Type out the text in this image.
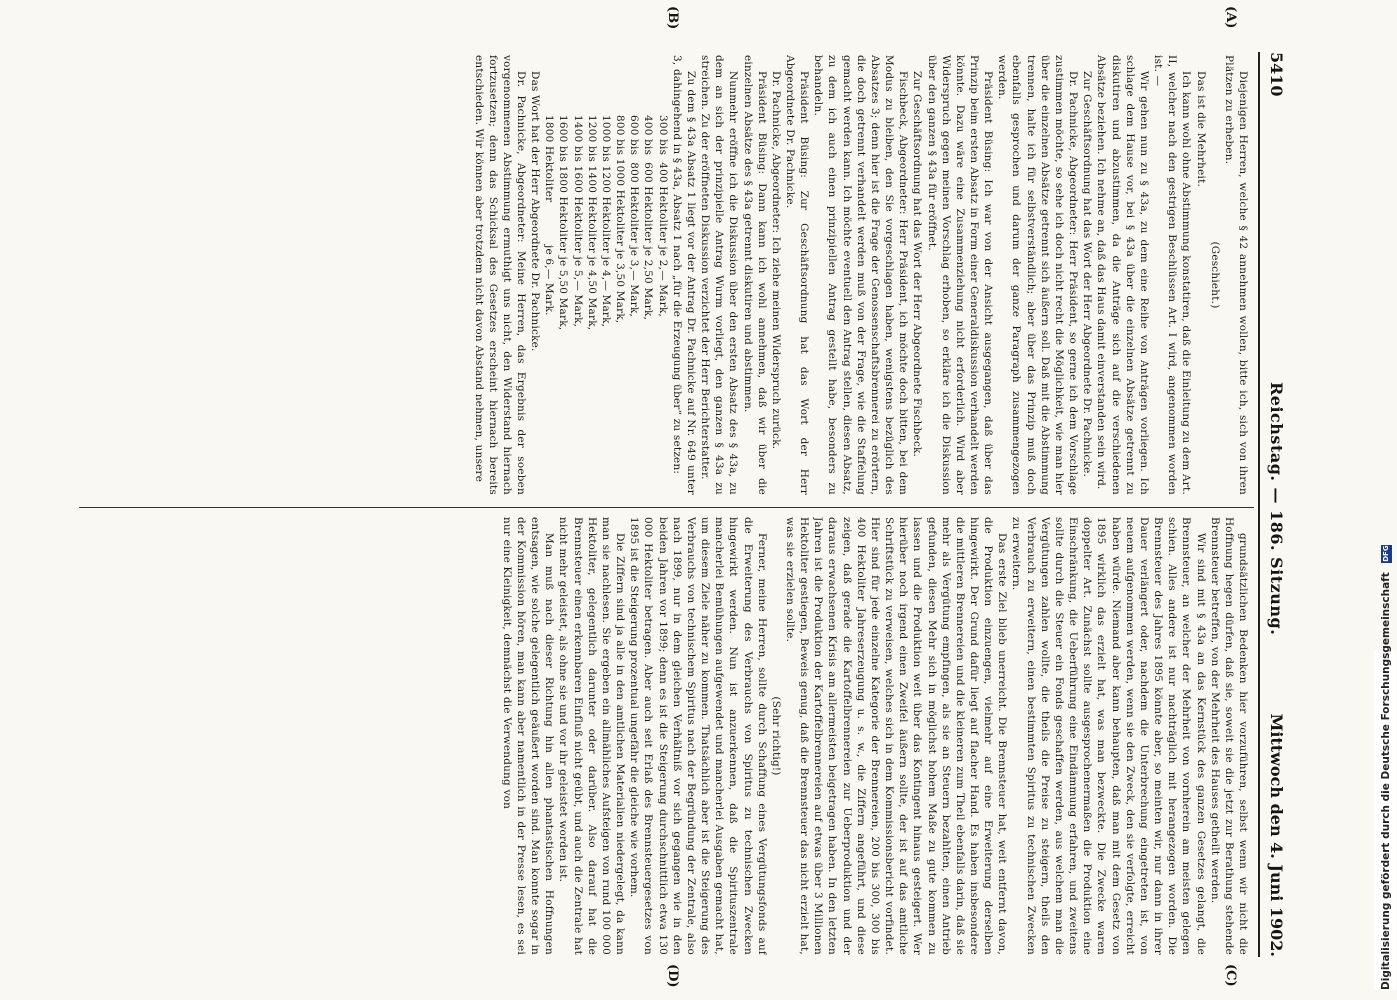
5410
Reichstag. — 186. Sitzung.
Mittwoch den 4. Juni 1902.
(A)
(B)
(C)
(D)

Diejenigen Herren, welche § 42 annehmen wollen, bitte ich, sich von ihren Plätzen zu erheben.

(Geschieht.)

Das ist die Mehrheit.

Ich kann wohl ohne Abstimmung konstatiren, daß die Einleitung zu dem Art. II, welcher nach den gestrigen Beschlüssen Art. I wird, angenommen worden ist. —

Wir gehen nun zu § 43a, zu dem eine Reihe von Anträgen vorliegen. Ich schlage dem Hause vor, bei § 43a über die einzelnen Absätze getrennt zu diskutiren und abzustimmen, da die Anträge sich auf die verschiedenen Absätze beziehen. Ich nehme an, daß das Haus damit einverstanden sein wird.

Zur Geschäftsordnung hat das Wort der Herr Abgeordnete Dr. Pachnicke.

Dr. Pachnicke, Abgeordneter: Herr Präsident, so gerne ich dem Vorschlage zustimmen möchte, so sehe ich doch nicht recht die Möglichkeit, wie man hier über die einzelnen Absätze getrennt sich äußern soll. Daß mit die Abstimmung trennen, halte ich für selbstverständlich; aber über das Prinzip muß doch ebenfalls gesprochen und darum der ganze Paragraph zusammengezogen werden.

Präsident Büsing: Ich war von der Ansicht ausgegangen, daß über das Prinzip beim ersten Absatz in Form einer Generaldiskussion verhandelt werden könnte. Dazu wäre eine Zusammenziehung nicht erforderlich. Wird aber Widerspruch gegen meinen Vorschlag erhoben, so erkläre ich die Diskussion über den ganzen § 43a für eröffnet.

Zur Geschäftsordnung hat das Wort der Herr Abgeordnete Fischbeck.

Fischbeck, Abgeordneter: Herr Präsident, ich möchte doch bitten, bei dem Modus zu bleiben, den Sie vorgeschlagen haben, wenigstens bezüglich des Absatzes 3; denn hier ist die Frage der Genossenschaftsbrennerei zu erörtern, die doch getrennt verhandelt werden muß von der Frage, wie die Staffelung gemacht werden kann. Ich möchte eventuell den Antrag stellen, diesen Absatz, zu dem ich auch einen prinzipiellen Antrag gestellt habe, besonders zu behandeln.

Präsident Büsing: Zur Geschäftsordnung hat das Wort der Herr Abgeordnete Dr. Pachnicke.

Dr. Pachnicke, Abgeordneter: Ich ziehe meinen Widerspruch zurück.

Präsident Büsing: Dann kann ich wohl annehmen, daß wir über die einzelnen Absätze des § 43a getrennt diskutiren und abstimmen.

Nunmehr eröffne ich die Diskussion über den ersten Absatz des § 43a, zu dem an sich der prinzipielle Antrag Wurm vorliegt, den ganzen § 43a zu streichen. Zu der eröffneten Diskussion verzichtet der Herr Berichterstatter.

Zu dem § 43a Absatz 1 liegt vor der Antrag Dr. Pachnicke auf Nr. 649 unter 3, dahingehend in § 43a, Absatz 1 nach „für die Erzeugung über“ zu setzen:

300 bis  400 Hektoliter je 2,— Mark,
400 bis  600 Hektoliter je 2,50 Mark,
600 bis  800 Hektoliter je 3,— Mark,
800 bis 1000 Hektoliter je 3,50 Mark,
1000 bis 1200 Hektoliter je 4,— Mark,
1200 bis 1400 Hektoliter je 4,50 Mark,
1400 bis 1600 Hektoliter je 5,— Mark,
1600 bis 1800 Hektoliter je 5,50 Mark,
1800 Hektoliter            je 6,— Mark.

Das Wort hat der Herr Abgeordnete Dr. Pachnicke.

Dr. Pachnicke, Abgeordneter: Meine Herren, das Ergebnis der soeben vorgenommenen Abstimmung ermuthigt uns nicht, den Widerstand hiernach fortzusetzen; denn das Schicksal des Gesetzes erscheint hiernach bereits entschieden. Wir können aber trotzdem nicht davon Abstand nehmen, unsere

grundsätzlichen Bedenken hier vorzuführen, selbst wenn wir nicht die Hoffnung hegen dürfen, daß sie, soweit sie die jetzt zur Berathung stehende Brennsteuer betreffen, von der Mehrheit des Hauses getheilt werden.

Wir sind mit § 43a an das Kernstück des ganzen Gesetzes gelangt, die Brennsteuer, an welcher der Mehrheit von vornherein am meisten gelegen schien. Alles andere ist nur nachträglich mit herangezogen worden. Die Brennsteuer des Jahres 1895 könnte aber, so meinten wir, nur dann in ihrer Dauer verlängert oder, nachdem die Unterbrechung eingetreten ist, von neuem aufgenommen werden, wenn sie den Zweck, den sie verfolgte, erreicht haben würde. Niemand aber kann behaupten, daß man mit dem Gesetz von 1895 wirklich das erzielt hat, was man bezweckte. Die Zwecke waren doppelter Art. Zunächst sollte ausgesprochenermaßen die Produktion eine Einschränkung, die Ueberführung eine Eindämmung erfahren, und zweitens sollte durch die Steuer ein Fonds geschaffen werden, aus welchem man die Vergütungen zahlen wollte, die theils die Preise zu steigern, theils den Verbrauch zu erweitern, einen bestimmten Spiritus zu technischen Zwecken zu erweitern.

Das erste Ziel blieb unerreicht. Die Brennsteuer hat, weit entfernt davon, die Produktion einzuengen, vielmehr auf eine Erweiterung derselben hingewirkt. Der Grund dafür liegt auf flacher Hand. Es haben insbesondere die mittleren Brennereien und die kleineren zum Theil ebenfalls darin, daß sie mehr als Vergütung empfingen, als sie an Steuern bezahlten, einen Antrieb gefunden, diesen Mehr sich in möglichst hohem Maße zu gute kommen zu lassen und die Produktion weit über das Kontingent hinaus gesteigert. Wer hierüber noch irgend einen Zweifel äußern sollte, der ist auf das amtliche Schriftstück zu verweisen, welches sich in dem Kommissionsbericht vorfindet. Hier sind für jede einzelne Kategorie der Brennereien, 200 bis 300, 300 bis 400 Hektoliter Jahreserzeugung u. s. w., die Ziffern angeführt, und diese zeigen, daß gerade die Kartoffelbrennereien zur Ueberproduktion und der daraus erwachsenen Krisis am allermeisten beigetragen haben. In den letzten Jahren ist die Produktion der Kartoffelbrennereien auf etwas über 3 Millionen Hektoliter gestiegen, Beweis genug, daß die Brennsteuer das nicht erzielt hat, was sie erzielen sollte.

(Sehr richtig!)

Ferner, meine Herren, sollte durch Schaffung eines Vergütungsfonds auf die Erweiterung des Verbrauchs von Spiritus zu technischen Zwecken hingewirkt werden. Nun ist anzuerkennen, daß die Spirituszentrale mancherlei Bemühungen aufgewendet und mancherlei Ausgaben gemacht hat, um diesem Ziele näher zu kommen. Thatsächlich aber ist die Steigerung des Verbrauchs von technischem Spiritus nach der Begründung der Zentrale, also nach 1899, nur in dem gleichen Verhältniß vor sich gegangen wie in den beiden Jahren vor 1899; denn es ist die Steigerung durchschnittlich etwa 130 000 Hektoliter betragen. Aber auch seit Erlaß des Brennsteuergesetzes von 1895 ist die Steigerung prozentual ungefähr die gleiche wie vorhem.

Die Ziffern sind ja alle in den amtlichen Materialien niedergelegt, da kann man sie nachlesen. Sie ergeben ein allmähliches Aufsteigen von rund 100 000 Hektoliter, gelegentlich darunter oder darüber. Also darauf hat die Brennsteuer einen erkennbaren Einfluß nicht geübt, und auch die Zentrale hat nicht mehr geleistet, als ohne sie und vor ihr geleistet worden ist.

Man muß nach dieser Richtung hin allen phantastischen Hoffnungen entsagen, wie solche gelegentlich geäußert worden sind. Man konnte sogar in der Kommission hören, man kann aber namentlich in der Presse lesen, es sei nur eine Kleinigkeit, demnächst die Verwendung von	Digitalisierung gefördert durch die Deutsche Forschungsgemeinschaft DFG
